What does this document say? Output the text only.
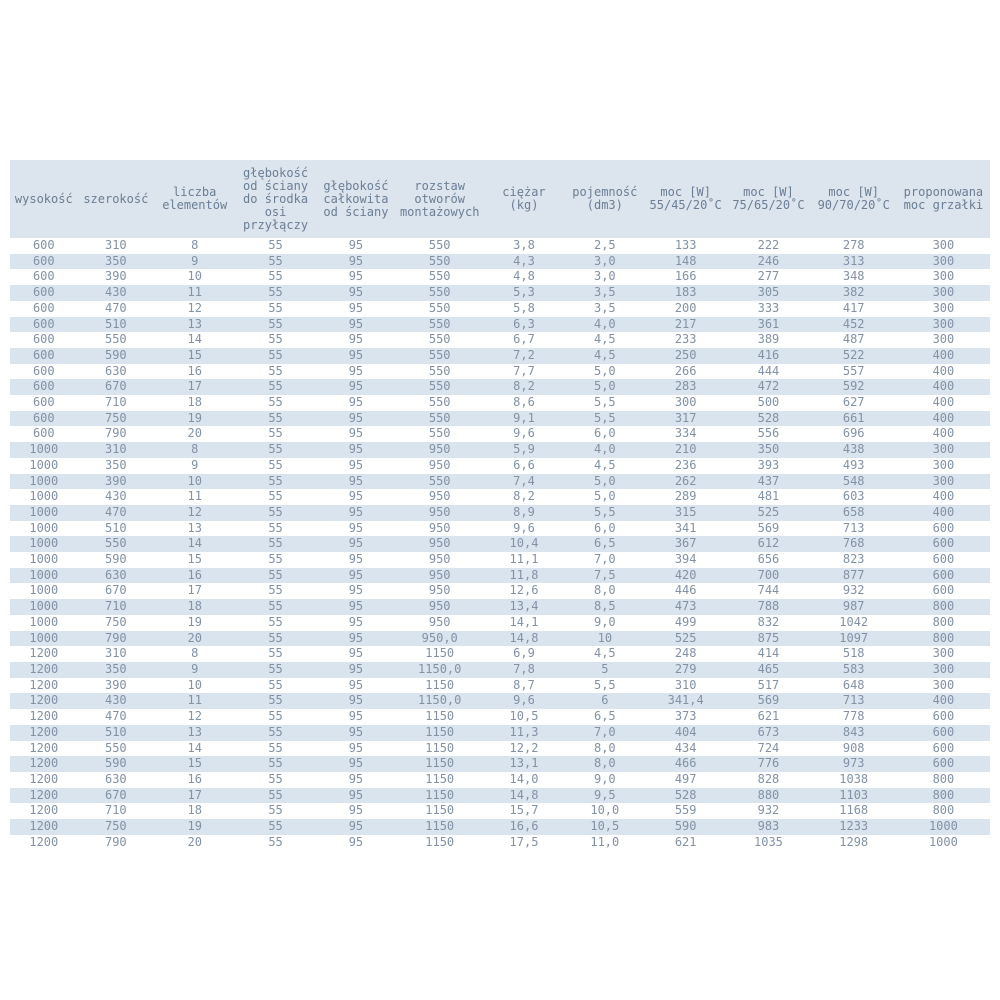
wysokość	szerokość	liczba elementów	głębokość od ściany do środka osi przyłączy	głębokość całkowita od ściany	rozstaw otworów montażowych	ciężar (kg)	pojemność (dm3)	moc [W] 55/45/20˚C	moc [W] 75/65/20˚C	moc [W] 90/70/20˚C	proponowana moc grzałki
600	310	8	55	95	550	3,8	2,5	133	222	278	300
600	350	9	55	95	550	4,3	3,0	148	246	313	300
600	390	10	55	95	550	4,8	3,0	166	277	348	300
600	430	11	55	95	550	5,3	3,5	183	305	382	300
600	470	12	55	95	550	5,8	3,5	200	333	417	300
600	510	13	55	95	550	6,3	4,0	217	361	452	300
600	550	14	55	95	550	6,7	4,5	233	389	487	300
600	590	15	55	95	550	7,2	4,5	250	416	522	400
600	630	16	55	95	550	7,7	5,0	266	444	557	400
600	670	17	55	95	550	8,2	5,0	283	472	592	400
600	710	18	55	95	550	8,6	5,5	300	500	627	400
600	750	19	55	95	550	9,1	5,5	317	528	661	400
600	790	20	55	95	550	9,6	6,0	334	556	696	400
1000	310	8	55	95	950	5,9	4,0	210	350	438	300
1000	350	9	55	95	950	6,6	4,5	236	393	493	300
1000	390	10	55	95	550	7,4	5,0	262	437	548	300
1000	430	11	55	95	950	8,2	5,0	289	481	603	400
1000	470	12	55	95	950	8,9	5,5	315	525	658	400
1000	510	13	55	95	950	9,6	6,0	341	569	713	600
1000	550	14	55	95	950	10,4	6,5	367	612	768	600
1000	590	15	55	95	950	11,1	7,0	394	656	823	600
1000	630	16	55	95	950	11,8	7,5	420	700	877	600
1000	670	17	55	95	950	12,6	8,0	446	744	932	600
1000	710	18	55	95	950	13,4	8,5	473	788	987	800
1000	750	19	55	95	950	14,1	9,0	499	832	1042	800
1000	790	20	55	95	950,0	14,8	10	525	875	1097	800
1200	310	8	55	95	1150	6,9	4,5	248	414	518	300
1200	350	9	55	95	1150,0	7,8	5	279	465	583	300
1200	390	10	55	95	1150	8,7	5,5	310	517	648	300
1200	430	11	55	95	1150,0	9,6	6	341,4	569	713	400
1200	470	12	55	95	1150	10,5	6,5	373	621	778	600
1200	510	13	55	95	1150	11,3	7,0	404	673	843	600
1200	550	14	55	95	1150	12,2	8,0	434	724	908	600
1200	590	15	55	95	1150	13,1	8,0	466	776	973	600
1200	630	16	55	95	1150	14,0	9,0	497	828	1038	800
1200	670	17	55	95	1150	14,8	9,5	528	880	1103	800
1200	710	18	55	95	1150	15,7	10,0	559	932	1168	800
1200	750	19	55	95	1150	16,6	10,5	590	983	1233	1000
1200	790	20	55	95	1150	17,5	11,0	621	1035	1298	1000
